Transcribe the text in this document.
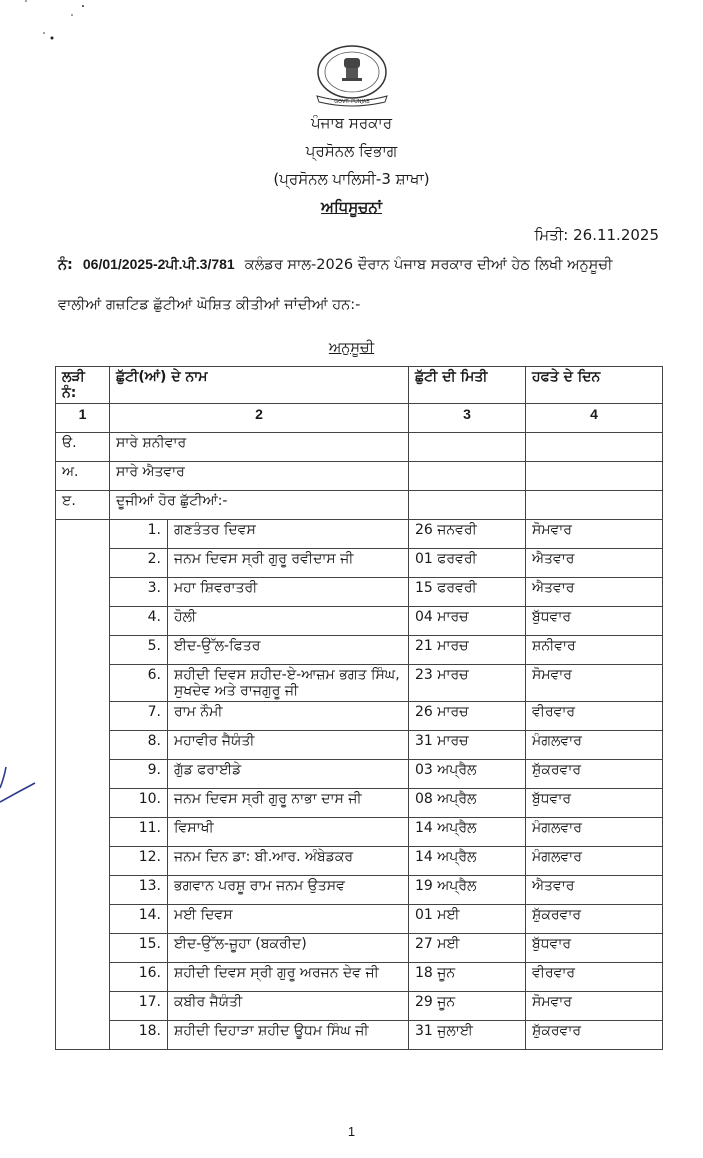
GOVT. PUNJAB
ਪੰਜਾਬ ਸਰਕਾਰ
ਪ੍ਰਸੋਨਲ ਵਿਭਾਗ
(ਪ੍ਰਸੋਨਲ ਪਾਲਿਸੀ-3 ਸ਼ਾਖਾ)
ਅਧਿਸੂਚਨਾਂ
ਮਿਤੀ: 26.11.2025
ਨੰ: 06/01/2025-2ਪੀ.ਪੀ.3/781 ਕਲੰਡਰ ਸਾਲ-2026 ਦੌਰਾਨ ਪੰਜਾਬ ਸਰਕਾਰ ਦੀਆਂ ਹੇਠ ਲਿਖੀ ਅਨੁਸੂਚੀ
ਵਾਲੀਆਂ ਗਜ਼ਟਿਡ ਛੁੱਟੀਆਂ ਘੋਸ਼ਿਤ ਕੀਤੀਆਂ ਜਾਂਦੀਆਂ ਹਨ:-
ਅਨੁਸੂਚੀ
ਲੜੀ ਨੰ:	ਛੁੱਟੀ(ਆਂ) ਦੇ ਨਾਮ		ਛੁੱਟੀ ਦੀ ਮਿਤੀ	ਹਫਤੇ ਦੇ ਦਿਨ
1	2		3	4
ੳ.	ਸਾਰੇ ਸ਼ਨੀਵਾਰ			
ਅ.	ਸਾਰੇ ਐਤਵਾਰ			
ੲ.	ਦੂਜੀਆਂ ਹੋਰ ਛੁੱਟੀਆਂ:-			
	1.	ਗਣਤੰਤਰ ਦਿਵਸ	26 ਜਨਵਰੀ	ਸੋਮਵਾਰ
	2.	ਜਨਮ ਦਿਵਸ ਸ੍ਰੀ ਗੁਰੂ ਰਵੀਦਾਸ ਜੀ	01 ਫਰਵਰੀ	ਐਤਵਾਰ
	3.	ਮਹਾ ਸ਼ਿਵਰਾਤਰੀ	15 ਫਰਵਰੀ	ਐਤਵਾਰ
	4.	ਹੋਲੀ	04 ਮਾਰਚ	ਬੁੱਧਵਾਰ
	5.	ਈਦ-ਉੱਲ-ਫਿਤਰ	21 ਮਾਰਚ	ਸ਼ਨੀਵਾਰ
	6.	ਸ਼ਹੀਦੀ ਦਿਵਸ ਸ਼ਹੀਦ-ਏ-ਆਜ਼ਮ ਭਗਤ ਸਿੰਘ, ਸੁਖਦੇਵ ਅਤੇ ਰਾਜਗੁਰੂ ਜੀ	23 ਮਾਰਚ	ਸੋਮਵਾਰ
	7.	ਰਾਮ ਨੌਮੀ	26 ਮਾਰਚ	ਵੀਰਵਾਰ
	8.	ਮਹਾਵੀਰ ਜੈਯੰਤੀ	31 ਮਾਰਚ	ਮੰਗਲਵਾਰ
	9.	ਗੁੱਡ ਫਰਾਈਡੇ	03 ਅਪ੍ਰੈਲ	ਸ਼ੁੱਕਰਵਾਰ
	10.	ਜਨਮ ਦਿਵਸ ਸ੍ਰੀ ਗੁਰੂ ਨਾਭਾ ਦਾਸ ਜੀ	08 ਅਪ੍ਰੈਲ	ਬੁੱਧਵਾਰ
	11.	ਵਿਸਾਖੀ	14 ਅਪ੍ਰੈਲ	ਮੰਗਲਵਾਰ
	12.	ਜਨਮ ਦਿਨ ਡਾ: ਬੀ.ਆਰ. ਅੰਬੇਡਕਰ	14 ਅਪ੍ਰੈਲ	ਮੰਗਲਵਾਰ
	13.	ਭਗਵਾਨ ਪਰਸ਼ੂ ਰਾਮ ਜਨਮ ਉਤਸਵ	19 ਅਪ੍ਰੈਲ	ਐਤਵਾਰ
	14.	ਮਈ ਦਿਵਸ	01 ਮਈ	ਸ਼ੁੱਕਰਵਾਰ
	15.	ਈਦ-ਉੱਲ-ਜ਼ੂਹਾ (ਬਕਰੀਦ)	27 ਮਈ	ਬੁੱਧਵਾਰ
	16.	ਸ਼ਹੀਦੀ ਦਿਵਸ ਸ੍ਰੀ ਗੁਰੂ ਅਰਜਨ ਦੇਵ ਜੀ	18 ਜੂਨ	ਵੀਰਵਾਰ
	17.	ਕਬੀਰ ਜੈਯੰਤੀ	29 ਜੂਨ	ਸੋਮਵਾਰ
	18.	ਸ਼ਹੀਦੀ ਦਿਹਾੜਾ ਸ਼ਹੀਦ ਊਧਮ ਸਿੰਘ ਜੀ	31 ਜੁਲਾਈ	ਸ਼ੁੱਕਰਵਾਰ
1
